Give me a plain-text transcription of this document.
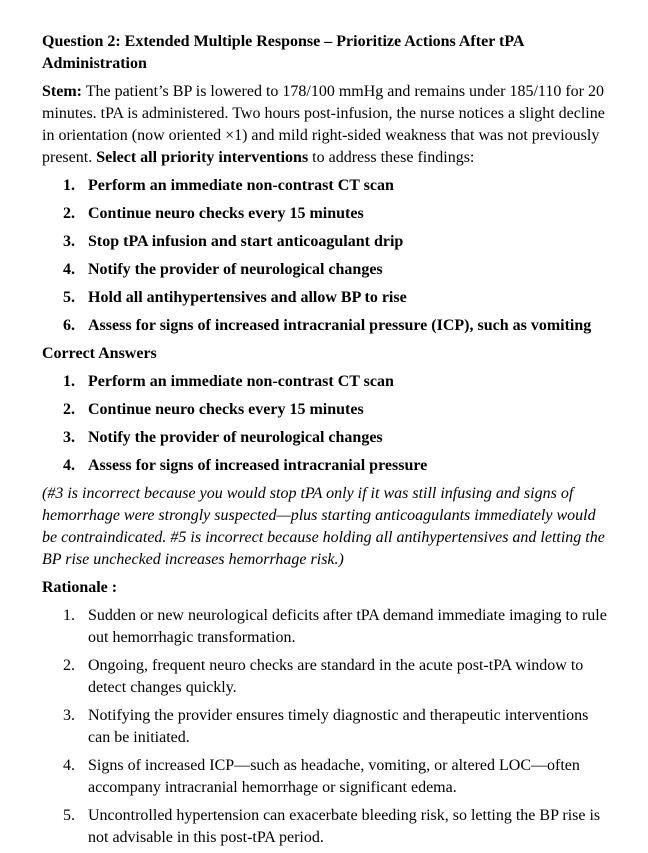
Question 2: Extended Multiple Response – Prioritize Actions After tPA Administration

Stem: The patient’s BP is lowered to 178/100 mmHg and remains under 185/110 for 20 minutes. tPA is administered. Two hours post-infusion, the nurse notices a slight decline in orientation (now oriented ×1) and mild right-sided weakness that was not previously present. Select all priority interventions to address these findings:

1. Perform an immediate non-contrast CT scan
2. Continue neuro checks every 15 minutes
3. Stop tPA infusion and start anticoagulant drip
4. Notify the provider of neurological changes
5. Hold all antihypertensives and allow BP to rise
6. Assess for signs of increased intracranial pressure (ICP), such as vomiting

Correct Answers

1. Perform an immediate non-contrast CT scan
2. Continue neuro checks every 15 minutes
3. Notify the provider of neurological changes
4. Assess for signs of increased intracranial pressure

(#3 is incorrect because you would stop tPA only if it was still infusing and signs of hemorrhage were strongly suspected—plus starting anticoagulants immediately would be contraindicated. #5 is incorrect because holding all antihypertensives and letting the BP rise unchecked increases hemorrhage risk.)

Rationale :

1. Sudden or new neurological deficits after tPA demand immediate imaging to rule out hemorrhagic transformation.
2. Ongoing, frequent neuro checks are standard in the acute post-tPA window to detect changes quickly.
3. Notifying the provider ensures timely diagnostic and therapeutic interventions can be initiated.
4. Signs of increased ICP—such as headache, vomiting, or altered LOC—often accompany intracranial hemorrhage or significant edema.
5. Uncontrolled hypertension can exacerbate bleeding risk, so letting the BP rise is not advisable in this post-tPA period.
